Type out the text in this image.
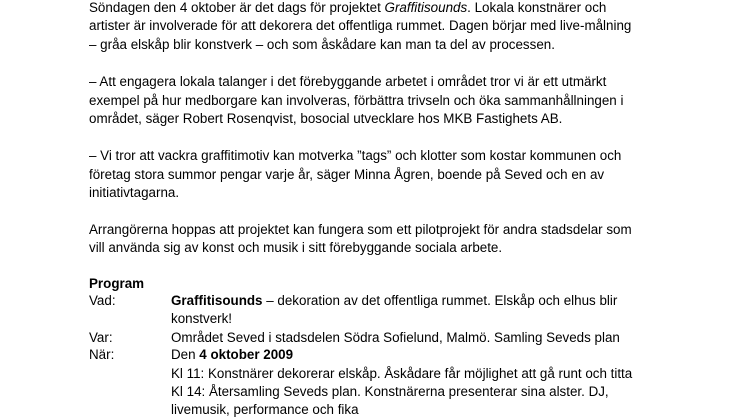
Söndagen den 4 oktober är det dags för projektet Graffitisounds. Lokala konstnärer och
artister är involverade för att dekorera det offentliga rummet. Dagen börjar med live-målning
– gråa elskåp blir konstverk – och som åskådare kan man ta del av processen.
– Att engagera lokala talanger i det förebyggande arbetet i området tror vi är ett utmärkt
exempel på hur medborgare kan involveras, förbättra trivseln och öka sammanhållningen i
området, säger Robert Rosenqvist, bosocial utvecklare hos MKB Fastighets AB.
– Vi tror att vackra graffitimotiv kan motverka ”tags” och klotter som kostar kommunen och
företag stora summor pengar varje år, säger Minna Ågren, boende på Seved och en av
initiativtagarna.
Arrangörerna hoppas att projektet kan fungera som ett pilotprojekt för andra stadsdelar som
vill använda sig av konst och musik i sitt förebyggande sociala arbete.
Program
Vad:	Graffitisounds – dekoration av det offentliga rummet. Elskåp och elhus blir
konstverk!
Var:	Området Seved i stadsdelen Södra Sofielund, Malmö. Samling Seveds plan
När:	Den 4 oktober 2009
Kl 11: Konstnärer dekorerar elskåp. Åskådare får möjlighet att gå runt och titta
Kl 14: Återsamling Seveds plan. Konstnärerna presenterar sina alster. DJ,
livemusik, performance och fika
